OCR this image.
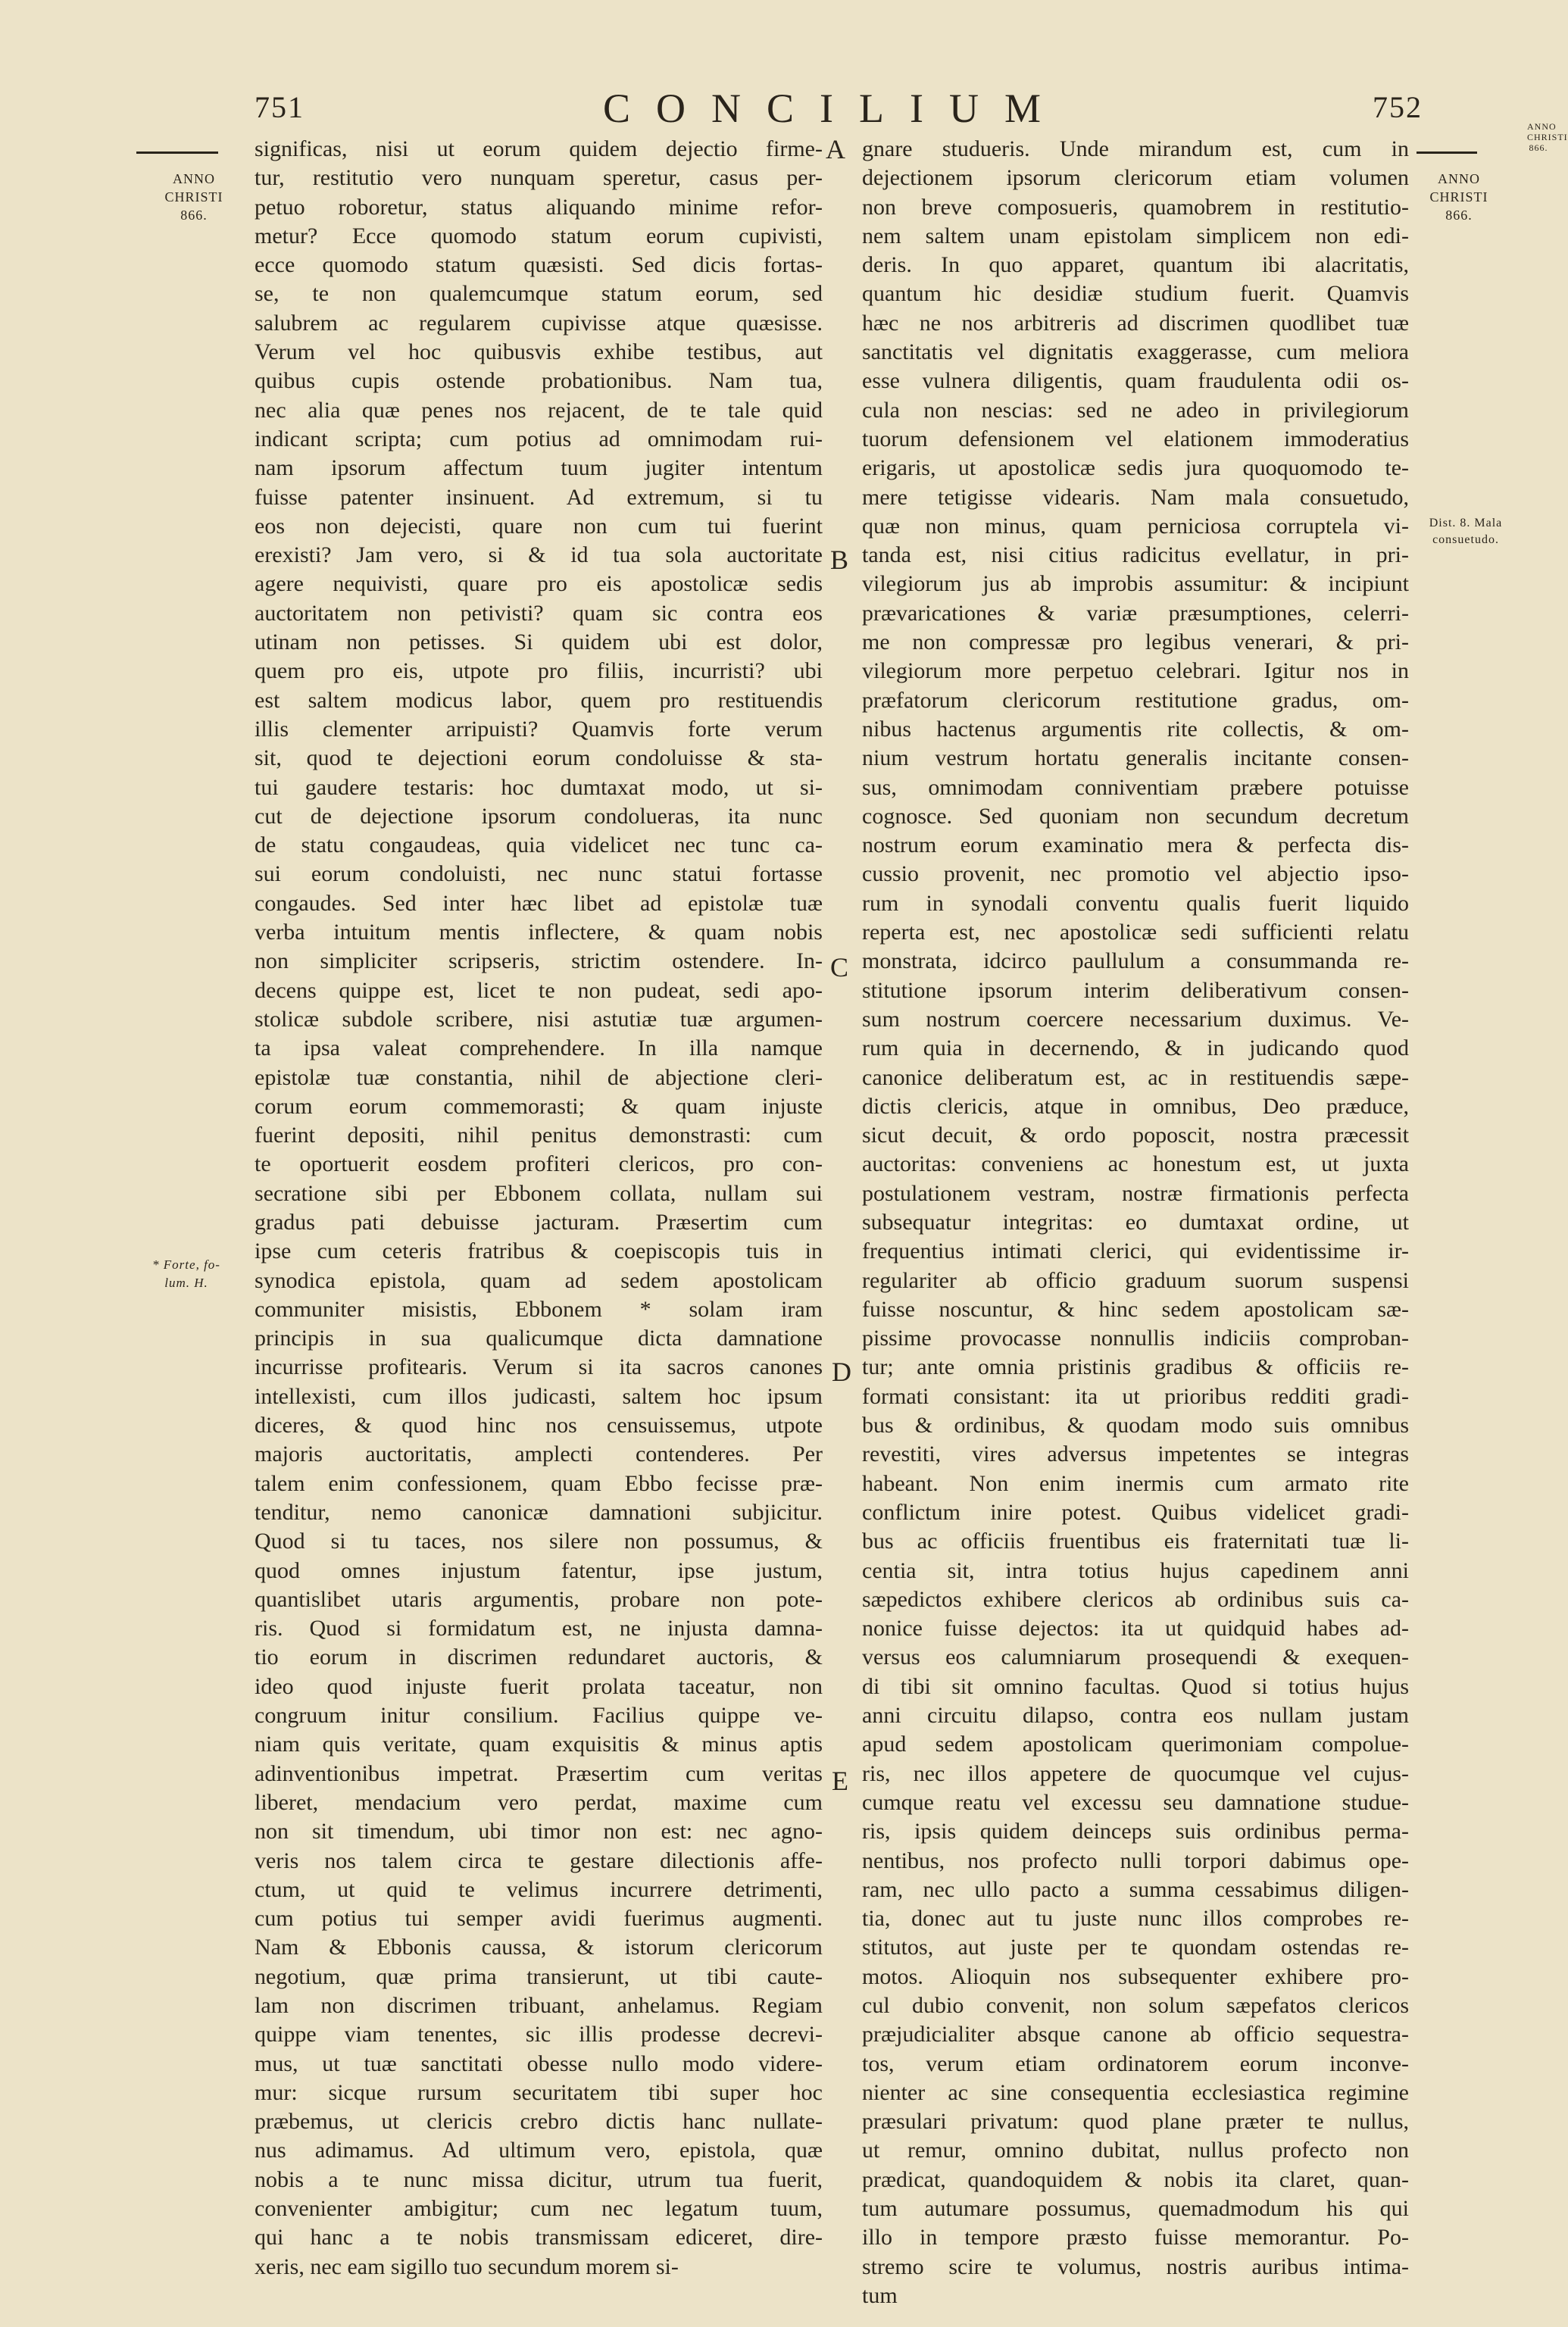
751	CONCILIUM	752
ANNO
CHRISTI
866.
ANNO
CHRISTI
866.
* Forte, fo-
lum. H.
Dist. 8. Mala
consuetudo.
ANNO
CHRISTI
866.
A
B
C
D
E
significas, nisi ut eorum quidem dejectio firme-
tur, restitutio vero nunquam speretur, casus per-
petuo roboretur, status aliquando minime refor-
metur? Ecce quomodo statum eorum cupivisti,
ecce quomodo statum quæsisti. Sed dicis fortas-
se, te non qualemcumque statum eorum, sed
salubrem ac regularem cupivisse atque quæsisse.
Verum vel hoc quibusvis exhibe testibus, aut
quibus cupis ostende probationibus. Nam tua,
nec alia quæ penes nos rejacent, de te tale quid
indicant scripta; cum potius ad omnimodam rui-
nam ipsorum affectum tuum jugiter intentum
fuisse patenter insinuent. Ad extremum, si tu
eos non dejecisti, quare non cum tui fuerint
erexisti? Jam vero, si & id tua sola auctoritate
agere nequivisti, quare pro eis apostolicæ sedis
auctoritatem non petivisti? quam sic contra eos
utinam non petisses. Si quidem ubi est dolor,
quem pro eis, utpote pro filiis, incurristi? ubi
est saltem modicus labor, quem pro restituendis
illis clementer arripuisti? Quamvis forte verum
sit, quod te dejectioni eorum condoluisse & sta-
tui gaudere testaris: hoc dumtaxat modo, ut si-
cut de dejectione ipsorum condolueras, ita nunc
de statu congaudeas, quia videlicet nec tunc ca-
sui eorum condoluisti, nec nunc statui fortasse
congaudes. Sed inter hæc libet ad epistolæ tuæ
verba intuitum mentis inflectere, & quam nobis
non simpliciter scripseris, strictim ostendere. In-
decens quippe est, licet te non pudeat, sedi apo-
stolicæ subdole scribere, nisi astutiæ tuæ argumen-
ta ipsa valeat comprehendere. In illa namque
epistolæ tuæ constantia, nihil de abjectione cleri-
corum eorum commemorasti; & quam injuste
fuerint depositi, nihil penitus demonstrasti: cum
te oportuerit eosdem profiteri clericos, pro con-
secratione sibi per Ebbonem collata, nullam sui
gradus pati debuisse jacturam. Præsertim cum
ipse cum ceteris fratribus & coepiscopis tuis in
synodica epistola, quam ad sedem apostolicam
communiter misistis, Ebbonem * solam iram
principis in sua qualicumque dicta damnatione
incurrisse profitearis. Verum si ita sacros canones
intellexisti, cum illos judicasti, saltem hoc ipsum
diceres, & quod hinc nos censuissemus, utpote
majoris auctoritatis, amplecti contenderes. Per
talem enim confessionem, quam Ebbo fecisse præ-
tenditur, nemo canonicæ damnationi subjicitur.
Quod si tu taces, nos silere non possumus, &
quod omnes injustum fatentur, ipse justum,
quantislibet utaris argumentis, probare non pote-
ris. Quod si formidatum est, ne injusta damna-
tio eorum in discrimen redundaret auctoris, &
ideo quod injuste fuerit prolata taceatur, non
congruum initur consilium. Facilius quippe ve-
niam quis veritate, quam exquisitis & minus aptis
adinventionibus impetrat. Præsertim cum veritas
liberet, mendacium vero perdat, maxime cum
non sit timendum, ubi timor non est: nec agno-
veris nos talem circa te gestare dilectionis affe-
ctum, ut quid te velimus incurrere detrimenti,
cum potius tui semper avidi fuerimus augmenti.
Nam & Ebbonis caussa, & istorum clericorum
negotium, quæ prima transierunt, ut tibi caute-
lam non discrimen tribuant, anhelamus. Regiam
quippe viam tenentes, sic illis prodesse decrevi-
mus, ut tuæ sanctitati obesse nullo modo videre-
mur: sicque rursum securitatem tibi super hoc
præbemus, ut clericis crebro dictis hanc nullate-
nus adimamus. Ad ultimum vero, epistola, quæ
nobis a te nunc missa dicitur, utrum tua fuerit,
convenienter ambigitur; cum nec legatum tuum,
qui hanc a te nobis transmissam ediceret, dire-
xeris, nec eam sigillo tuo secundum morem si-
gnare studueris. Unde mirandum est, cum in
dejectionem ipsorum clericorum etiam volumen
non breve composueris, quamobrem in restitutio-
nem saltem unam epistolam simplicem non edi-
deris. In quo apparet, quantum ibi alacritatis,
quantum hic desidiæ studium fuerit. Quamvis
hæc ne nos arbitreris ad discrimen quodlibet tuæ
sanctitatis vel dignitatis exaggerasse, cum meliora
esse vulnera diligentis, quam fraudulenta odii os-
cula non nescias: sed ne adeo in privilegiorum
tuorum defensionem vel elationem immoderatius
erigaris, ut apostolicæ sedis jura quoquomodo te-
mere tetigisse videaris. Nam mala consuetudo,
quæ non minus, quam perniciosa corruptela vi-
tanda est, nisi citius radicitus evellatur, in pri-
vilegiorum jus ab improbis assumitur: & incipiunt
prævaricationes & variæ præsumptiones, celerri-
me non compressæ pro legibus venerari, & pri-
vilegiorum more perpetuo celebrari. Igitur nos in
præfatorum clericorum restitutione gradus, om-
nibus hactenus argumentis rite collectis, & om-
nium vestrum hortatu generalis incitante consen-
sus, omnimodam conniventiam præbere potuisse
cognosce. Sed quoniam non secundum decretum
nostrum eorum examinatio mera & perfecta dis-
cussio provenit, nec promotio vel abjectio ipso-
rum in synodali conventu qualis fuerit liquido
reperta est, nec apostolicæ sedi sufficienti relatu
monstrata, idcirco paullulum a consummanda re-
stitutione ipsorum interim deliberativum consen-
sum nostrum coercere necessarium duximus. Ve-
rum quia in decernendo, & in judicando quod
canonice deliberatum est, ac in restituendis sæpe-
dictis clericis, atque in omnibus, Deo præduce,
sicut decuit, & ordo poposcit, nostra præcessit
auctoritas: conveniens ac honestum est, ut juxta
postulationem vestram, nostræ firmationis perfecta
subsequatur integritas: eo dumtaxat ordine, ut
frequentius intimati clerici, qui evidentissime ir-
regulariter ab officio graduum suorum suspensi
fuisse noscuntur, & hinc sedem apostolicam sæ-
pissime provocasse nonnullis indiciis comproban-
tur; ante omnia pristinis gradibus & officiis re-
formati consistant: ita ut prioribus redditi gradi-
bus & ordinibus, & quodam modo suis omnibus
revestiti, vires adversus impetentes se integras
habeant. Non enim inermis cum armato rite
conflictum inire potest. Quibus videlicet gradi-
bus ac officiis fruentibus eis fraternitati tuæ li-
centia sit, intra totius hujus capedinem anni
sæpedictos exhibere clericos ab ordinibus suis ca-
nonice fuisse dejectos: ita ut quidquid habes ad-
versus eos calumniarum prosequendi & exequen-
di tibi sit omnino facultas. Quod si totius hujus
anni circuitu dilapso, contra eos nullam justam
apud sedem apostolicam querimoniam compolue-
ris, nec illos appetere de quocumque vel cujus-
cumque reatu vel excessu seu damnatione studue-
ris, ipsis quidem deinceps suis ordinibus perma-
nentibus, nos profecto nulli torpori dabimus ope-
ram, nec ullo pacto a summa cessabimus diligen-
tia, donec aut tu juste nunc illos comprobes re-
stitutos, aut juste per te quondam ostendas re-
motos. Alioquin nos subsequenter exhibere pro-
cul dubio convenit, non solum sæpefatos clericos
præjudicialiter absque canone ab officio sequestra-
tos, verum etiam ordinatorem eorum inconve-
nienter ac sine consequentia ecclesiastica regimine
præsulari privatum: quod plane præter te nullus,
ut remur, omnino dubitat, nullus profecto non
prædicat, quandoquidem & nobis ita claret, quan-
tum autumare possumus, quemadmodum his qui
illo in tempore præsto fuisse memorantur. Po-
stremo scire te volumus, nostris auribus intima-
tum
